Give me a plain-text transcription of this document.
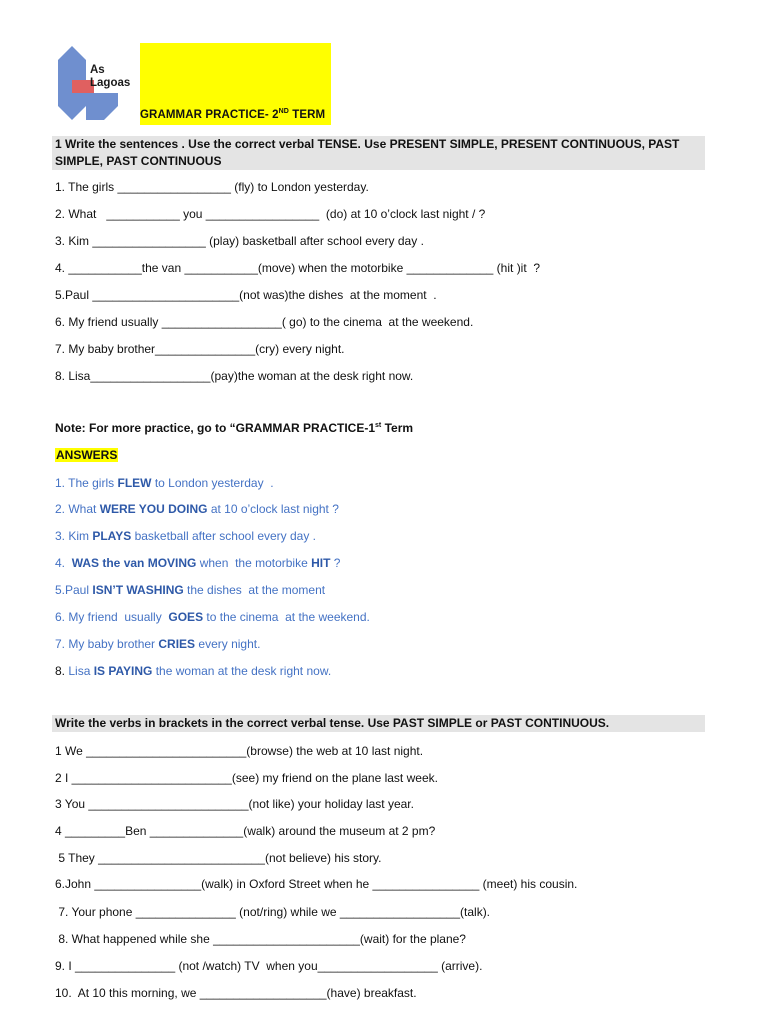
As
Lagoas
GRAMMAR PRACTICE- 2ND TERM
1 Write the sentences . Use the correct verbal TENSE. Use PRESENT SIMPLE, PRESENT CONTINUOUS, PAST SIMPLE, PAST CONTINUOUS
1. The girls _________________ (fly) to London yesterday.
2. What   ___________ you _________________  (do) at 10 o’clock last night / ?
3. Kim _________________ (play) basketball after school every day .
4. ___________the van ___________(move) when the motorbike _____________ (hit )it  ?
5.Paul ______________________(not was)the dishes  at the moment  .
6. My friend usually __________________( go) to the cinema  at the weekend.
7. My baby brother_______________(cry) every night.
8. Lisa__________________(pay)the woman at the desk right now.
Note: For more practice, go to “GRAMMAR PRACTICE-1st Term
ANSWERS
1. The girls FLEW to London yesterday  .
2. What WERE YOU DOING at 10 o’clock last night ?
3. Kim PLAYS basketball after school every day .
4.  WAS the van MOVING when  the motorbike HIT ?
5.Paul ISN’T WASHING the dishes  at the moment
6. My friend  usually  GOES to the cinema  at the weekend.
7. My baby brother CRIES every night.
8. Lisa IS PAYING the woman at the desk right now.
Write the verbs in brackets in the correct verbal tense. Use PAST SIMPLE or PAST CONTINUOUS.
1 We ________________________(browse) the web at 10 last night.
2 I ________________________(see) my friend on the plane last week.
3 You ________________________(not like) your holiday last year.
4 _________Ben ______________(walk) around the museum at 2 pm?
5 They _________________________(not believe) his story.
6.John ________________(walk) in Oxford Street when he ________________ (meet) his cousin.
7. Your phone _______________ (not/ring) while we __________________(talk).
8. What happened while she ______________________(wait) for the plane?
9. I _______________ (not /watch) TV  when you__________________ (arrive).
10.  At 10 this morning, we ___________________(have) breakfast.
